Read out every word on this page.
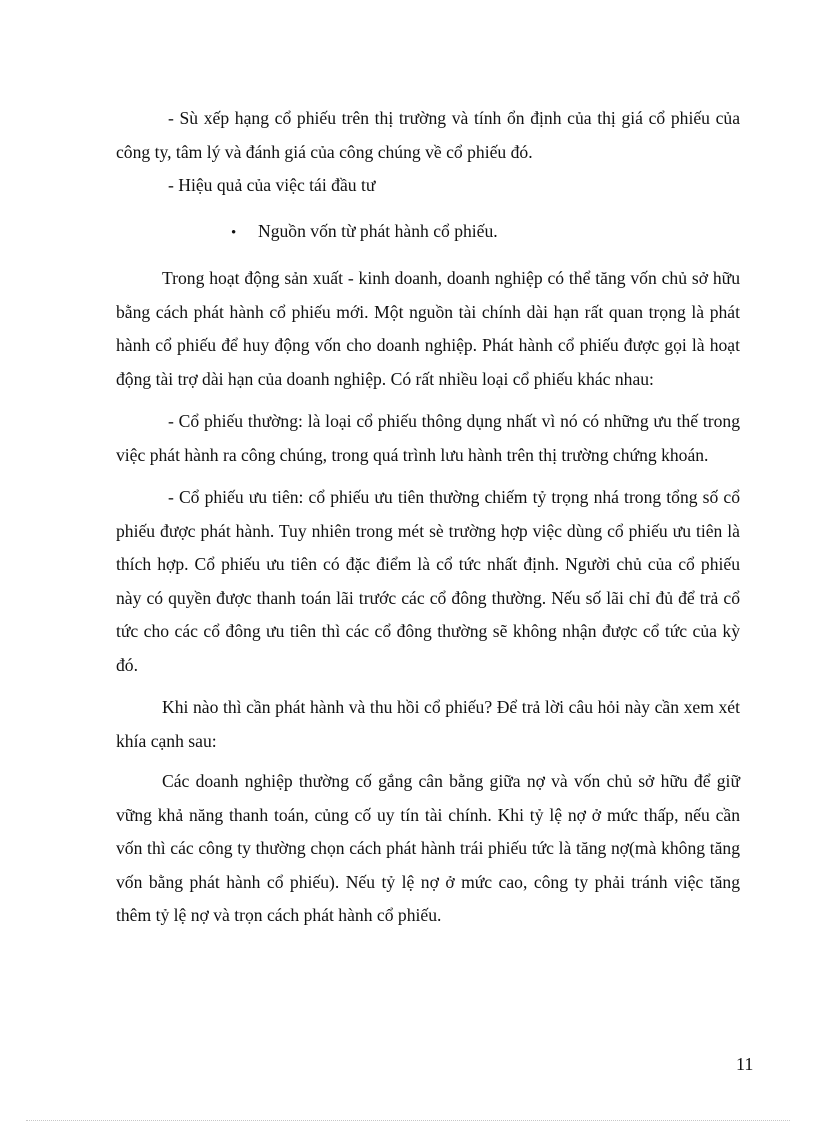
- Sù xếp hạng cổ phiếu trên thị trường và tính ổn định của thị giá cổ phiếu của công ty, tâm lý và đánh giá của công chúng về cổ phiếu đó.

- Hiệu quả của việc tái đầu tư

•	Nguồn vốn từ phát hành cổ phiếu.

Trong hoạt động sản xuất - kinh doanh, doanh nghiệp có thể tăng vốn chủ sở hữu bằng cách phát hành cổ phiếu mới. Một nguồn tài chính dài hạn rất quan trọng là phát hành cổ phiếu để huy động vốn cho doanh nghiệp. Phát hành cổ phiếu được gọi là hoạt động tài trợ dài hạn của doanh nghiệp. Có rất nhiều loại cổ phiếu khác nhau:

- Cổ phiếu thường: là loại cổ phiếu thông dụng nhất vì nó có những ưu thế trong việc phát hành ra công chúng, trong quá trình lưu hành trên thị trường chứng khoán.

- Cổ phiếu ưu tiên: cổ phiếu ưu tiên thường chiếm tỷ trọng nhá trong tổng số cổ phiếu được phát hành. Tuy nhiên trong mét sè trường hợp việc dùng cổ phiếu ưu tiên là thích hợp. Cổ phiếu ưu tiên có đặc điểm là cổ tức nhất định. Người chủ của cổ phiếu này có quyền được thanh toán lãi trước các cổ đông thường. Nếu số lãi chỉ đủ để trả cổ tức cho các cổ đông ưu tiên thì các cổ đông thường sẽ không nhận được cổ tức của kỳ đó.

Khi nào thì cần phát hành và thu hồi cổ phiếu? Để trả lời câu hỏi này cần xem xét khía cạnh sau:

Các doanh nghiệp thường cố gắng cân bằng giữa nợ và vốn chủ sở hữu để giữ vững khả năng thanh toán, củng cố uy tín tài chính. Khi tỷ lệ nợ ở mức thấp, nếu cần vốn thì các công ty thường chọn cách phát hành trái phiếu tức là tăng nợ(mà không tăng vốn bằng phát hành cổ phiếu). Nếu tỷ lệ nợ ở mức cao, công ty phải tránh việc tăng thêm tỷ lệ nợ và trọn cách phát hành cổ phiếu.

11
